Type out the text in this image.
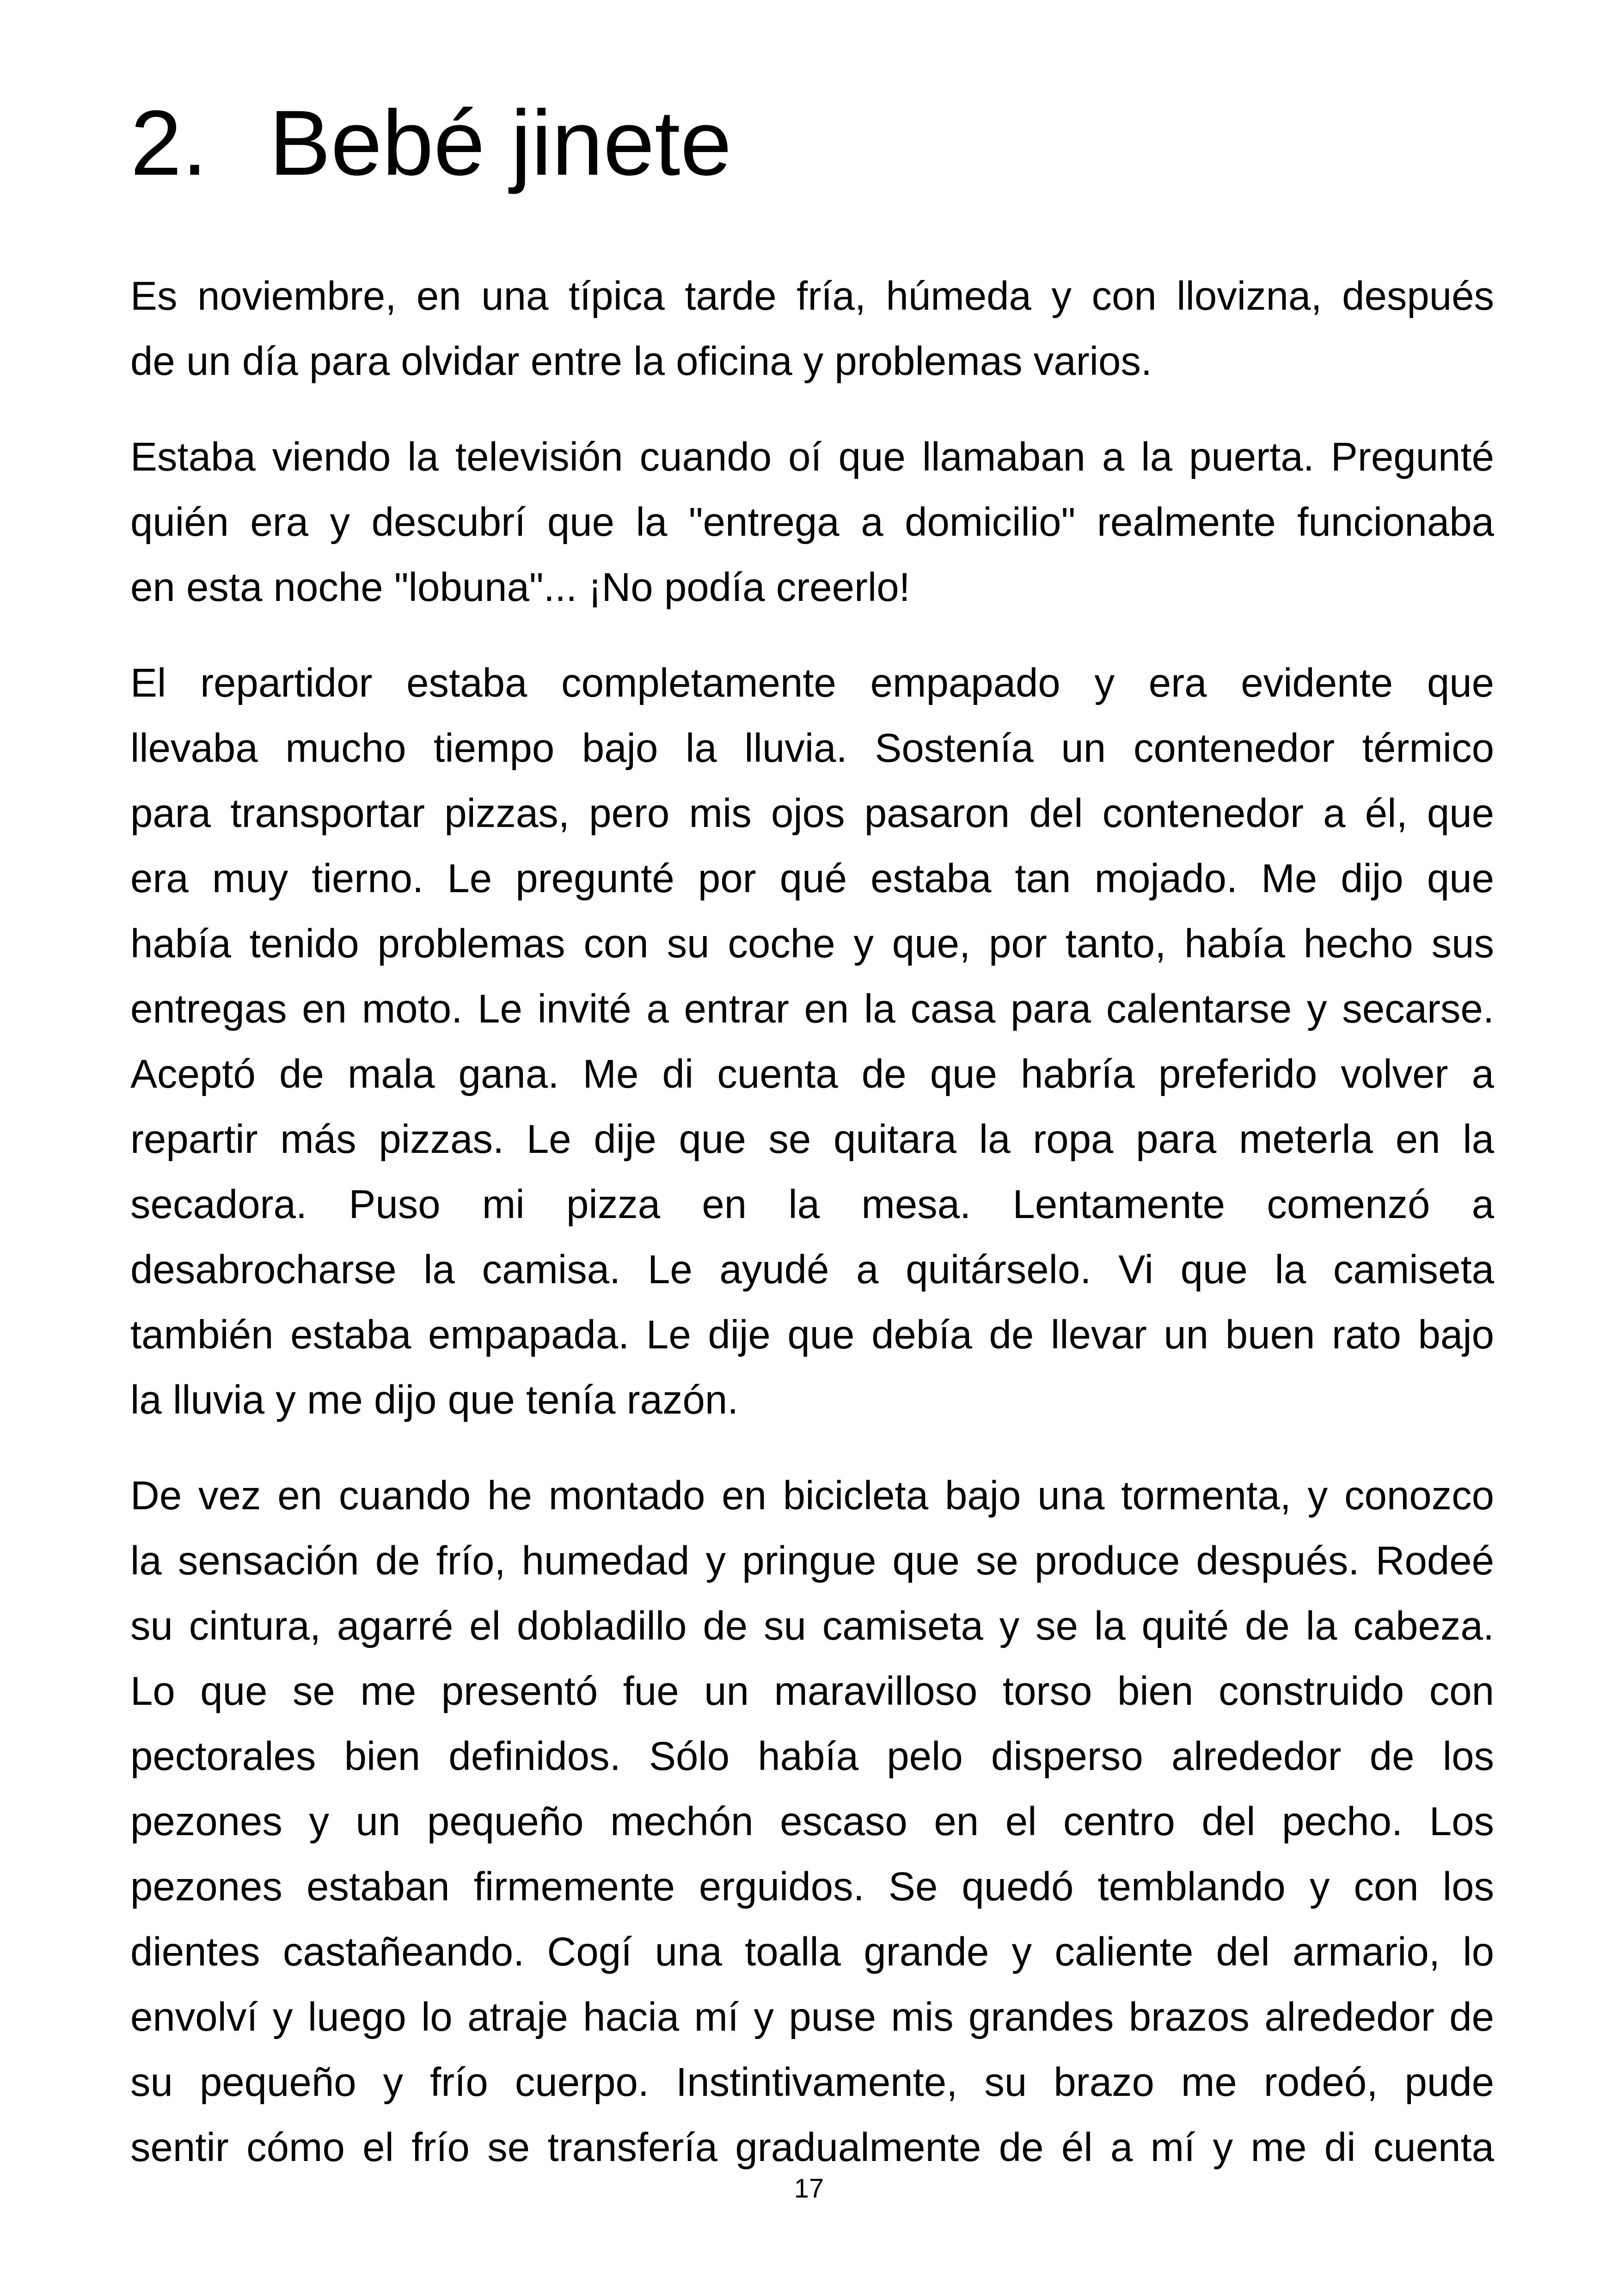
2. Bebé jinete

Es noviembre, en una típica tarde fría, húmeda y con llovizna, después
de un día para olvidar entre la oficina y problemas varios.

Estaba viendo la televisión cuando oí que llamaban a la puerta. Pregunté
quién era y descubrí que la "entrega a domicilio" realmente funcionaba
en esta noche "lobuna"... ¡No podía creerlo!

El repartidor estaba completamente empapado y era evidente que
llevaba mucho tiempo bajo la lluvia. Sostenía un contenedor térmico
para transportar pizzas, pero mis ojos pasaron del contenedor a él, que
era muy tierno. Le pregunté por qué estaba tan mojado. Me dijo que
había tenido problemas con su coche y que, por tanto, había hecho sus
entregas en moto. Le invité a entrar en la casa para calentarse y secarse.
Aceptó de mala gana. Me di cuenta de que habría preferido volver a
repartir más pizzas. Le dije que se quitara la ropa para meterla en la
secadora. Puso mi pizza en la mesa. Lentamente comenzó a
desabrocharse la camisa. Le ayudé a quitárselo. Vi que la camiseta
también estaba empapada. Le dije que debía de llevar un buen rato bajo
la lluvia y me dijo que tenía razón.

De vez en cuando he montado en bicicleta bajo una tormenta, y conozco
la sensación de frío, humedad y pringue que se produce después. Rodeé
su cintura, agarré el dobladillo de su camiseta y se la quité de la cabeza.
Lo que se me presentó fue un maravilloso torso bien construido con
pectorales bien definidos. Sólo había pelo disperso alrededor de los
pezones y un pequeño mechón escaso en el centro del pecho. Los
pezones estaban firmemente erguidos. Se quedó temblando y con los
dientes castañeando. Cogí una toalla grande y caliente del armario, lo
envolví y luego lo atraje hacia mí y puse mis grandes brazos alrededor de
su pequeño y frío cuerpo. Instintivamente, su brazo me rodeó, pude
sentir cómo el frío se transfería gradualmente de él a mí y me di cuenta

17
